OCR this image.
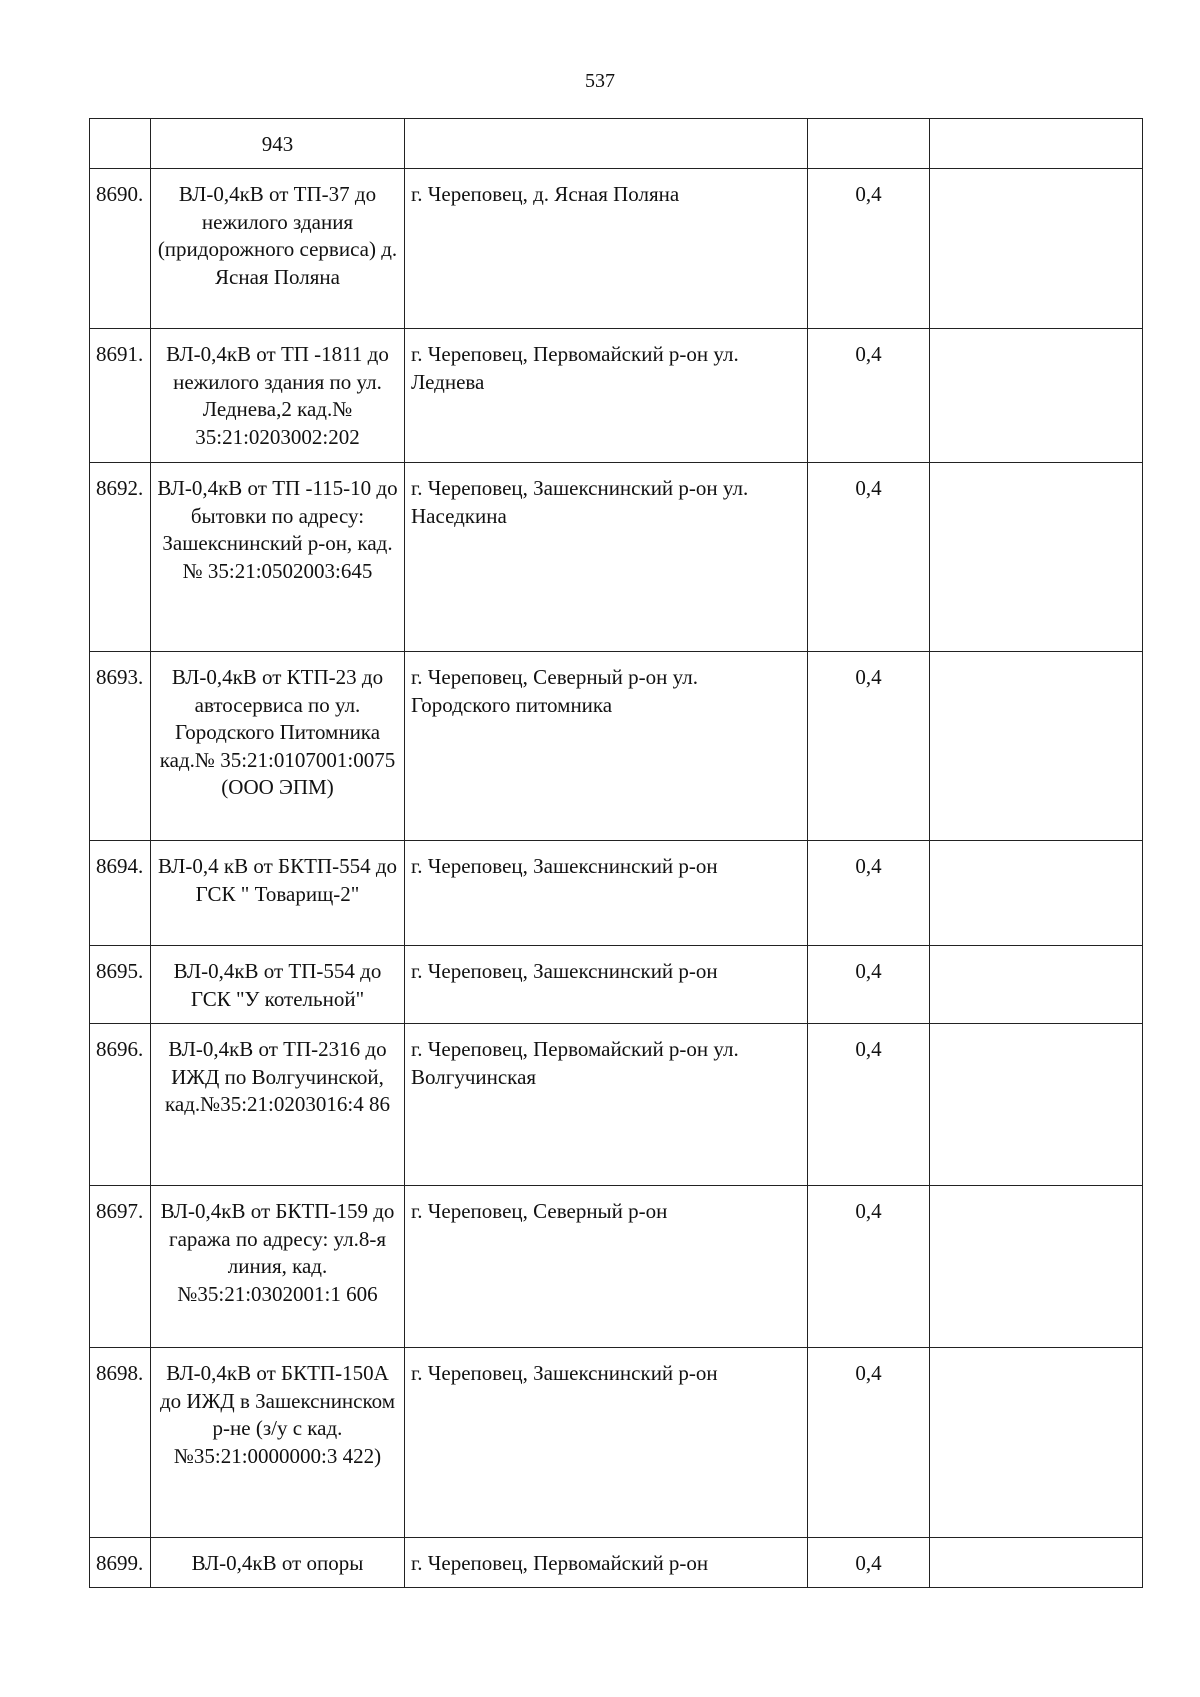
537
	943			
8690.	ВЛ-0,4кВ от ТП-37 до нежилого здания (придорожного сервиса) д. Ясная Поляна	г. Череповец, д. Ясная Поляна	0,4	
8691.	ВЛ-0,4кВ от ТП -1811 до нежилого здания по ул. Леднева,2 кад.№ 35:21:0203002:202	г. Череповец, Первомайский р-он ул. Леднева	0,4	
8692.	ВЛ-0,4кВ от ТП -115-10 до бытовки по адресу: Зашекснинский р-он, кад.№ 35:21:0502003:645	г. Череповец, Зашекснинский р-он ул. Наседкина	0,4	
8693.	ВЛ-0,4кВ от КТП-23 до автосервиса по ул. Городского Питомника кад.№ 35:21:0107001:0075 (ООО ЭПМ)	г. Череповец, Северный р-он ул. Городского питомника	0,4	
8694.	ВЛ-0,4 кВ от БКТП-554 до ГСК " Товарищ-2"	г. Череповец, Зашекснинский р-он	0,4	
8695.	ВЛ-0,4кВ от ТП-554 до ГСК "У котельной"	г. Череповец, Зашекснинский р-он	0,4	
8696.	ВЛ-0,4кВ от ТП-2316 до ИЖД по Волгучинской, кад.№35:21:0203016:4 86	г. Череповец, Первомайский р-он ул. Волгучинская	0,4	
8697.	ВЛ-0,4кВ от БКТП-159 до гаража по адресу: ул.8-я линия, кад.№35:21:0302001:1 606	г. Череповец, Северный р-он	0,4	
8698.	ВЛ-0,4кВ от БКТП-150А до ИЖД в Зашекснинском р-не (з/у с кад.№35:21:0000000:3 422)	г. Череповец, Зашекснинский р-он	0,4	
8699.	ВЛ-0,4кВ от опоры	г. Череповец, Первомайский р-он	0,4	
